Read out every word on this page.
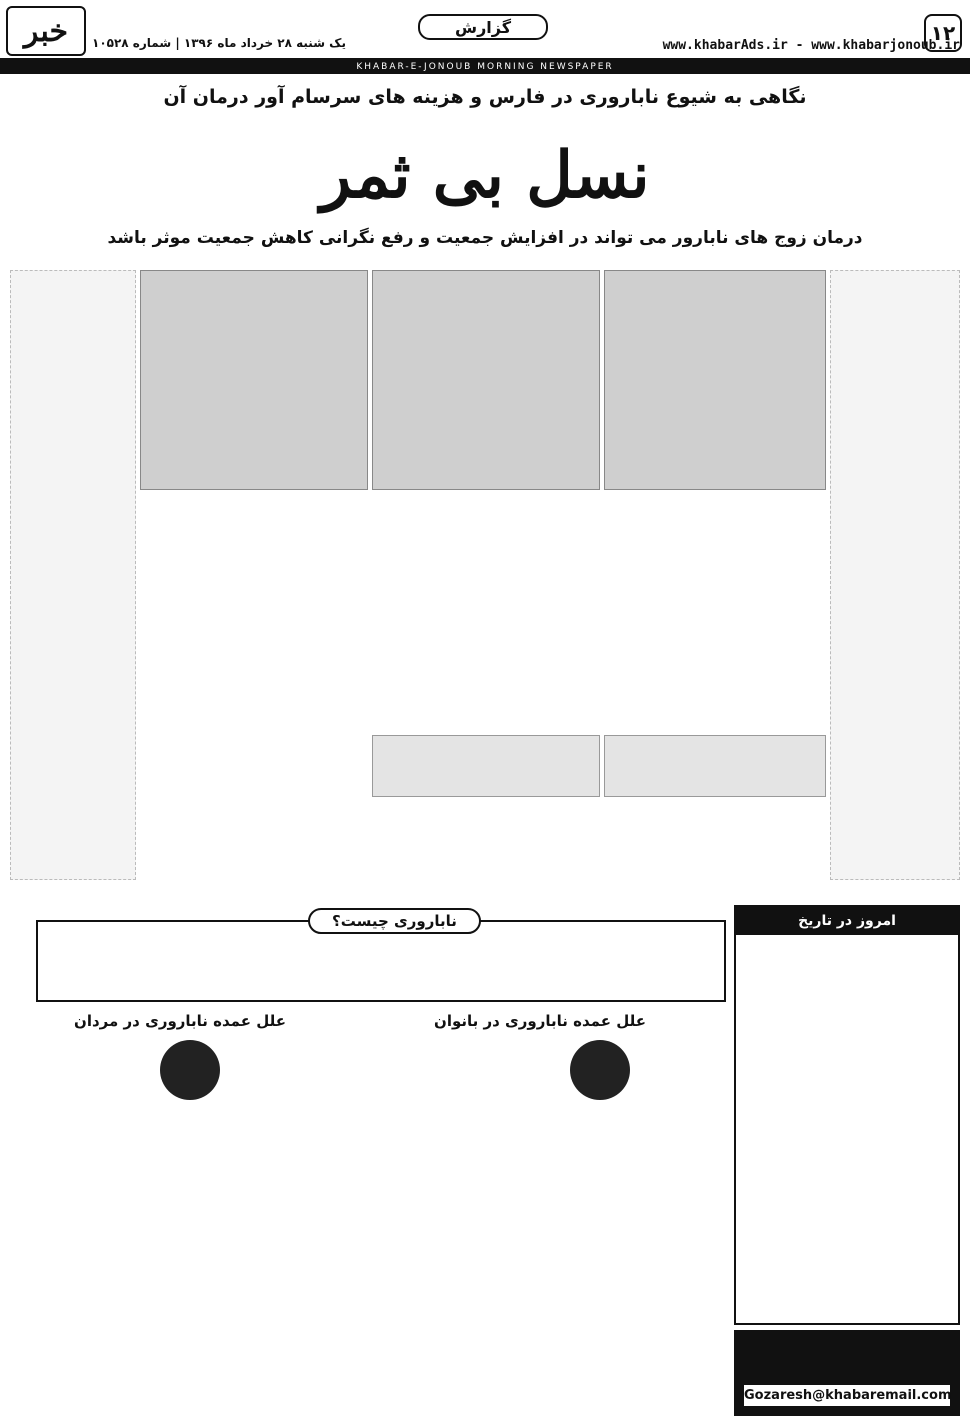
۱۲
www.khabarAds.ir - www.khabarjonoub.ir
گزارش
خبر	یک شنبه ۲۸ خرداد ماه ۱۳۹۶ | شماره ۱۰۵۲۸
KHABAR-E-JONOUB MORNING NEWSPAPER
نگاهی به شیوع ناباروری در فارس و هزینه های سرسام آور درمان آن
نسل بی ثمر
درمان زوج های نابارور می تواند در افزایش جمعیت و رفع نگرانی کاهش جمعیت موثر باشد
امروز در تاریخ
ناباروری چیست؟
علل عمده ناباروری در بانوان
علل عمده ناباروری در مردان
Gozaresh@khabaremail.com
